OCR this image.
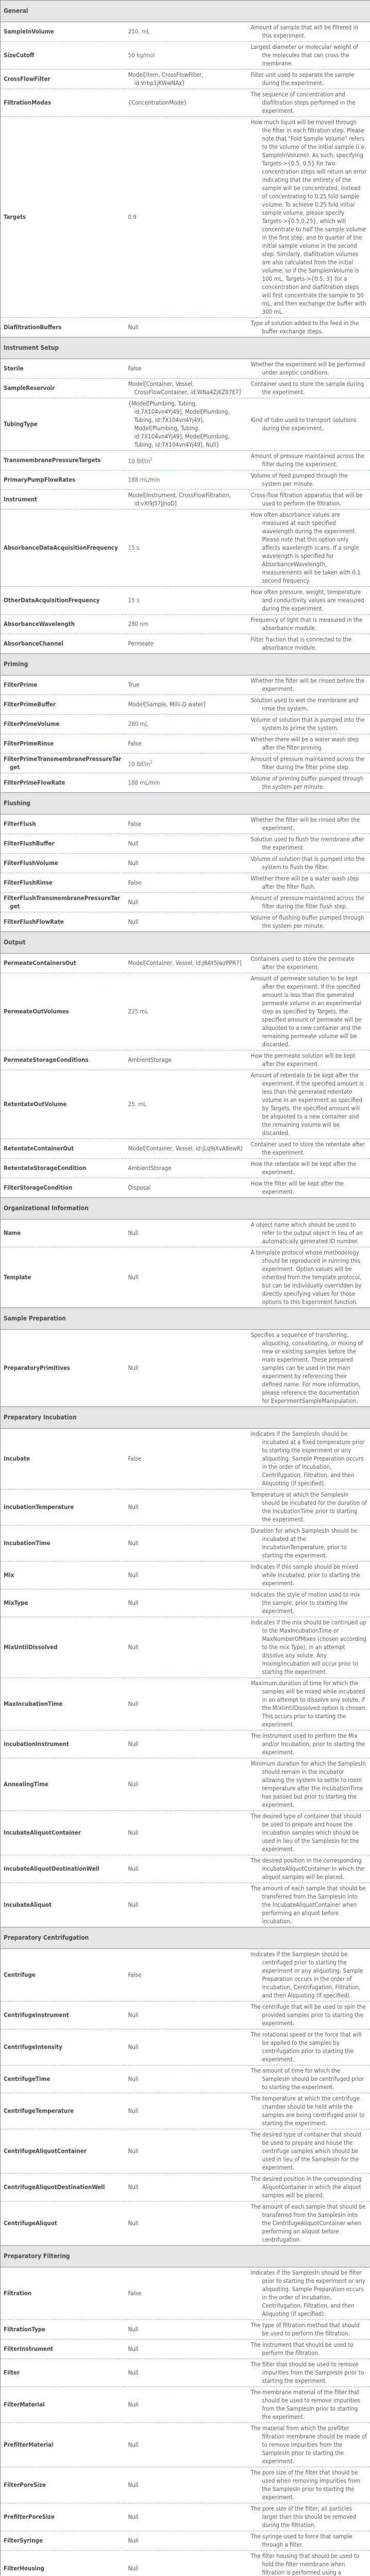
General		

SampleInVolume	250. mL	Amount of sample that will be filtered in this experiment.

SizeCutoff	50 kg/mol	Largest diameter or molecular weight of the molecules that can cross the membrane.

CrossFlowFilter	Model[Item, CrossFlowFilter, id:Vrbp1jKWwNAx]	Filter unit used to separate the sample during the experiment.

FiltrationModes	{ConcentrationMode}	The sequence of concentration and diafiltration steps performed in the experiment.

Targets	0.9	How much liquid will be moved through the filter in each filtration step. Please note that "Fold Sample Volume" refers to the volume of the initial sample (i.e. SampleInVolume). As such, specifying Targets->{0.5, 0.5} for two concentration steps will return an error indicating that the entirety of the sample will be concentrated, instead of concentrating to 0.25 fold sample volume. To achieve 0.25 fold initial sample volume, please specify Targets->{0.5,0.25}, which will concentrate to half the sample volume in the first step, and to quarter of the initial sample volume in the second step. Similarly, diafiltration volumes are also calculated from the initial volume, so if the SampleInVolume is 100 mL, Targets->{0.5, 3} for a concentration and diafiltration steps will first concentrate the sample to 50 mL, and then exchange the buffer with 300 mL.

DiafiltrationBuffers	Null	Type of solution added to the feed in the buffer exchange steps.

Instrument Setup		

Sterile	False	Whether the experiment will be performed under aseptic conditions.

SampleReservoir	Model[Container, Vessel, CrossFlowContainer, id:WNa4ZjKZ07E7]	Container used to store the sample during the experiment.

TubingType	{Model[Plumbing, Tubing, id:7X104vn4Yj49], Model[Plumbing, Tubing, id:7X104vn4Yj49], Model[Plumbing, Tubing, id:7X104vn4Yj49], Model[Plumbing, Tubing, id:7X104vn4Yj49], Null}	Kind of tube used to transport solutions during the experiment.

TransmembranePressureTargets	10 lbf/$in^2$	Amount of pressure maintained across the filter during the experiment.

PrimaryPumpFlowRates	188 mL/min	Volume of feed pumped through the system per minute.

Instrument	Model[Instrument, CrossFlowFiltration, id:vXl9j57jJnoD]	Cross-flow filtration apparatus that will be used to perform the filtration.

AbsorbanceDataAcquisitionFrequency	15 s	How often absorbance values are measured at each specified wavelength during the experiment. Please note that this option only affects wavelength scans. If a single wavelength is specified for AbsorbanceWavelength, measurements will be taken with 0.1 second frequency.

OtherDataAcquisitionFrequency	15 s	How often pressure, weight, temperature and conductivity values are measured during the experiment.

AbsorbanceWavelength	280 nm	Frequency of light that is measured in the absorbance module.

AbsorbanceChannel	Permeate	Filter fraction that is connected to the absorbance module.

Priming		

FilterPrime	True	Whether the filter will be rinsed before the experiment.

FilterPrimeBuffer	Model[Sample, Milli-Q water]	Solution used to wet the membrane and rinse the system.

FilterPrimeVolume	280 mL	Volume of solution that is pumped into the system to prime the system.

FilterPrimeRinse	False	Whether there will be a water wash step after the filter priming.

FilterPrimeTransmembranePressureTarget	10 lbf/$in^2$	Amount of pressure maintained across the filter during the filter prime step.

FilterPrimeFlowRate	188 mL/min	Volume of priming buffer pumped through the system per minute.

Flushing		

FilterFlush	False	Whether the filter will be rinsed after the experiment.

FilterFlushBuffer	Null	Solution used to flush the membrane after the experiment.

FilterFlushVolume	Null	Volume of solution that is pumped into the system to flush the filter.

FilterFlushRinse	False	Whether there will be a water wash step after the filter flush.

FilterFlushTransmembranePressureTarget	Null	Amount of pressure maintained across the filter during the filter flush step.

FilterFlushFlowRate	Null	Volume of flushing buffer pumped through the system per minute.

Output		

PermeateContainersOut	Model[Container, Vessel, id:J8AY5jwzPPR7]	Containers used to store the permeate after the experiment.

PermeateOutVolumes	225 mL	Amount of permeate solution to be kept after the experiment. If the specified amount is less than the generated permeate volume in an experimental step as specified by Targets, the specified amount of permeate will be aliquoted to a new container and the remaining permeate volume will be discarded.

PermeateStorageConditions	AmbientStorage	How the permeate solution will be kept after the experiment.

RetentateOutVolume	25. mL	Amount of retentate to be kept after the experiment. If the specified amount is less than the generated retentate volume in an experiment as specified by Targets, the specified amount will be aliquoted to a new container and the remaining volume will be discarded.

RetentateContainerOut	Model[Container, Vessel, id:jLq9jXvA8ewR]	Container used to store the retentate after the experiment.

RetentateStorageCondition	AmbientStorage	How the retentate will be kept after the experiment.

FilterStorageCondition	Disposal	How the filter will be kept after the experiment.

Organizational Information		

Name	Null	A object name which should be used to refer to the output object in lieu of an automatically generated ID number.

Template	Null	A template protocol whose methodology should be reproduced in running this experiment. Option values will be inherited from the template protocol, but can be individually overridden by directly specifying values for those options to this Experiment function.

Sample Preparation		

PreparatoryPrimitives	Null	Specifies a sequence of transferring, aliquoting, consolidating, or mixing of new or existing samples before the main experiment. These prepared samples can be used in the main experiment by referencing their defined name. For more information, please reference the documentation for ExperimentSampleManipulation.

Preparatory Incubation		

Incubate	False	Indicates if the SamplesIn should be incubated at a fixed temperature prior to starting the experiment or any aliquoting. Sample Preparation occurs in the order of Incubation, Centrifugation, Filtration, and then Aliquoting (if specified).

IncubationTemperature	Null	Temperature at which the SamplesIn should be incubated for the duration of the IncubationTime prior to starting the experiment.

IncubationTime	Null	Duration for which SamplesIn should be incubated at the IncubationTemperature, prior to starting the experiment.

Mix	Null	Indicates if this sample should be mixed while incubated, prior to starting the experiment.

MixType	Null	Indicates the style of motion used to mix the sample, prior to starting the experiment.

MixUntilDissolved	Null	Indicates if the mix should be continued up to the MaxIncubationTime or MaxNumberOfMixes (chosen according to the mix Type), in an attempt dissolve any solute. Any mixing/incubation will occur prior to starting the experiment.

MaxIncubationTime	Null	Maximum duration of time for which the samples will be mixed while incubated in an attempt to dissolve any solute, if the MixUntilDissolved option is chosen. This occurs prior to starting the experiment.

IncubationInstrument	Null	The instrument used to perform the Mix and/or Incubation, prior to starting the experiment.

AnnealingTime	Null	Minimum duration for which the SamplesIn should remain in the incubator allowing the system to settle to room temperature after the IncubationTime has passed but prior to starting the experiment.

IncubateAliquotContainer	Null	The desired type of container that should be used to prepare and house the incubation samples which should be used in lieu of the SamplesIn for the experiment.

IncubateAliquotDestinationWell	Null	The desired position in the corresponding IncubateAliquotContainer in which the aliquot samples will be placed.

IncubateAliquot	Null	The amount of each sample that should be transferred from the SamplesIn into the IncubateAliquotContainer when performing an aliquot before incubation.

Preparatory Centrifugation		

Centrifuge	False	Indicates if the SamplesIn should be centrifuged prior to starting the experiment or any aliquoting. Sample Preparation occurs in the order of Incubation, Centrifugation, Filtration, and then Aliquoting (if specified).

CentrifugeInstrument	Null	The centrifuge that will be used to spin the provided samples prior to starting the experiment.

CentrifugeIntensity	Null	The rotational speed or the force that will be applied to the samples by centrifugation prior to starting the experiment.

CentrifugeTime	Null	The amount of time for which the SamplesIn should be centrifuged prior to starting the experiment.

CentrifugeTemperature	Null	The temperature at which the centrifuge chamber should be held while the samples are being centrifuged prior to starting the experiment.

CentrifugeAliquotContainer	Null	The desired type of container that should be used to prepare and house the centrifuge samples which should be used in lieu of the SamplesIn for the experiment.

CentrifugeAliquotDestinationWell	Null	The desired position in the corresponding AliquotContainer in which the aliquot samples will be placed.

CentrifugeAliquot	Null	The amount of each sample that should be transferred from the SamplesIn into the CentrifugeAliquotContainer when performing an aliquot before centrifugation.

Preparatory Filtering		

Filtration	False	Indicates if the SamplesIn should be filter prior to starting the experiment or any aliquoting. Sample Preparation occurs in the order of Incubation, Centrifugation, Filtration, and then Aliquoting (if specified).

FiltrationType	Null	The type of filtration method that should be used to perform the filtration.

FilterInstrument	Null	The instrument that should be used to perform the filtration.

Filter	Null	The filter that should be used to remove impurities from the SamplesIn prior to starting the experiment.

FilterMaterial	Null	The membrane material of the filter that should be used to remove impurities from the SamplesIn prior to starting the experiment.

PrefilterMaterial	Null	The material from which the prefilter filtration membrane should be made of to remove impurities from the SamplesIn prior to starting the experiment.

FilterPoreSize	Null	The pore size of the filter that should be used when removing impurities from the SamplesIn prior to starting the experiment.

PrefilterPoreSize	Null	The pore size of the filter; all particles larger than this should be removed during the filtration.

FilterSyringe	Null	The syringe used to force that sample through a filter.

FilterHousing	Null	The filter housing that should be used to hold the filter membrane when filtration is performed using a
